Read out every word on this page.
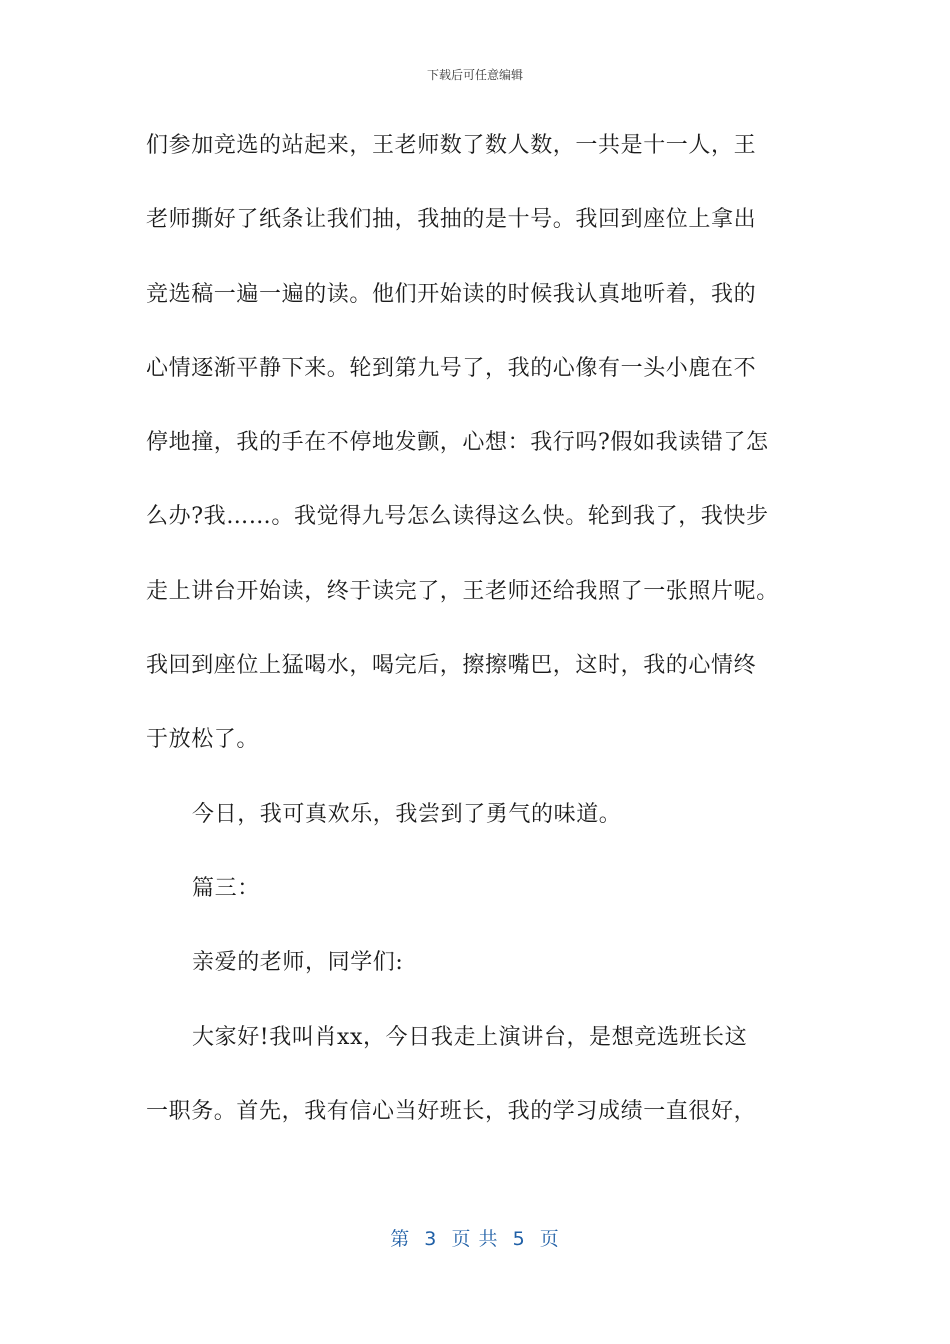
下载后可任意编辑
们参加竞选的站起来，王老师数了数人数，一共是十一人，王
老师撕好了纸条让我们抽，我抽的是十号。我回到座位上拿出
竞选稿一遍一遍的读。他们开始读的时候我认真地听着，我的
心情逐渐平静下来。轮到第九号了，我的心像有一头小鹿在不
停地撞，我的手在不停地发颤，心想：我行吗?假如我读错了怎
么办?我……。我觉得九号怎么读得这么快。轮到我了，我快步
走上讲台开始读，终于读完了，王老师还给我照了一张照片呢。
我回到座位上猛喝水，喝完后，擦擦嘴巴，这时，我的心情终
于放松了。
今日，我可真欢乐，我尝到了勇气的味道。
篇三：
亲爱的老师，同学们:
大家好!我叫肖xx，今日我走上演讲台，是想竞选班长这
一职务。首先，我有信心当好班长，我的学习成绩一直很好，
第  3  页 共  5  页
